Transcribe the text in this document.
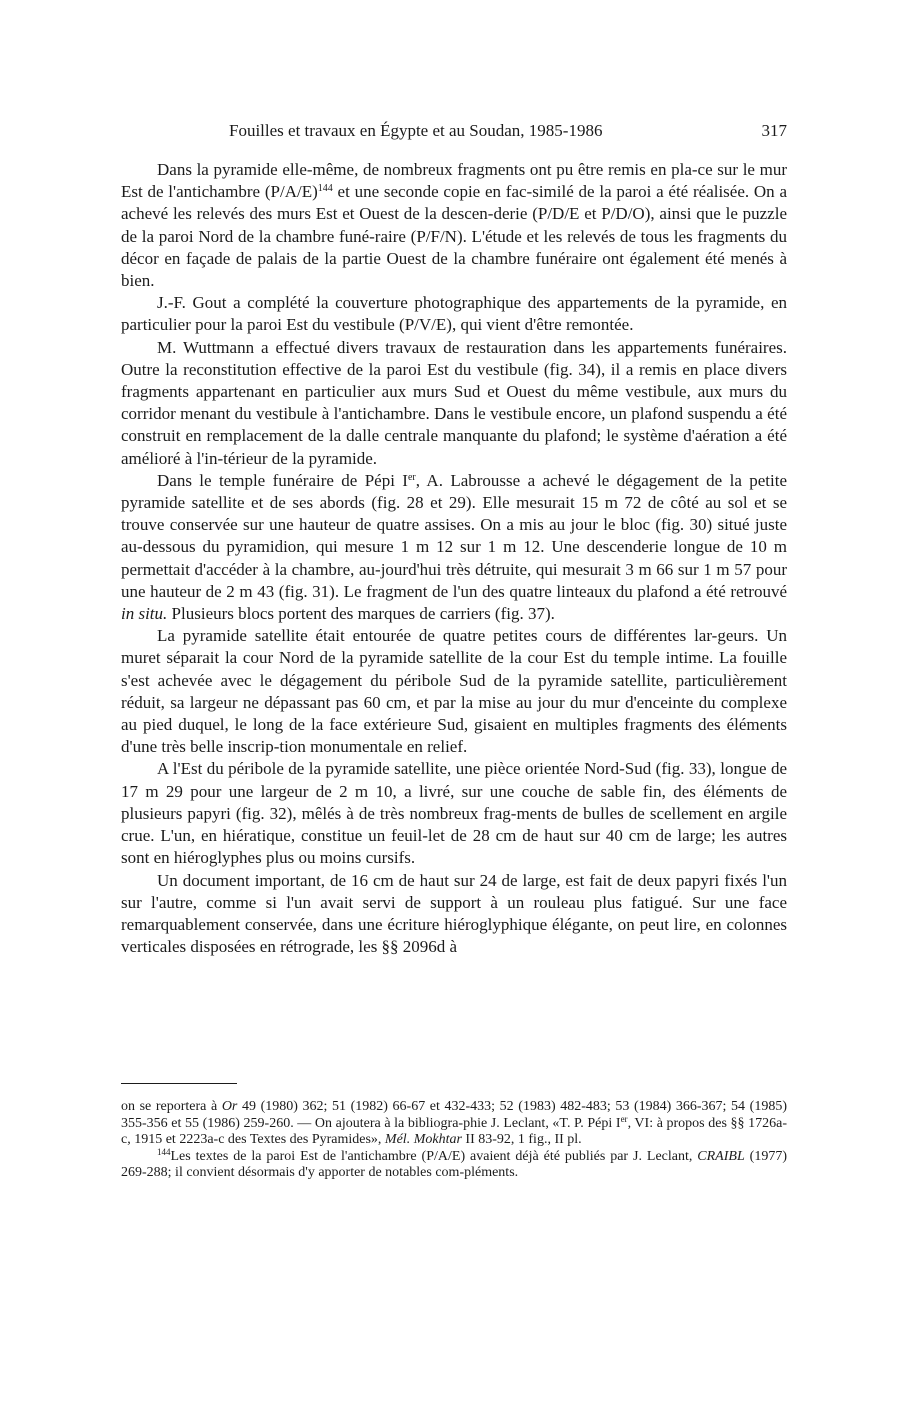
Fouilles et travaux en Égypte et au Soudan, 1985-1986	317

Dans la pyramide elle-même, de nombreux fragments ont pu être remis en pla-ce sur le mur Est de l'antichambre $(P/A/E)^{144}$ et une seconde copie en fac-similé de la paroi a été réalisée. On a achevé les relevés des murs Est et Ouest de la descen-derie (P/D/E et P/D/O), ainsi que le puzzle de la paroi Nord de la chambre funé-raire (P/F/N). L'étude et les relevés de tous les fragments du décor en façade de palais de la partie Ouest de la chambre funéraire ont également été menés à bien.

J.-F. Gout a complété la couverture photographique des appartements de la pyramide, en particulier pour la paroi Est du vestibule (P/V/E), qui vient d'être remontée.

M. Wuttmann a effectué divers travaux de restauration dans les appartements funéraires. Outre la reconstitution effective de la paroi Est du vestibule (fig. 34), il a remis en place divers fragments appartenant en particulier aux murs Sud et Ouest du même vestibule, aux murs du corridor menant du vestibule à l'antichambre. Dans le vestibule encore, un plafond suspendu a été construit en remplacement de la dalle centrale manquante du plafond; le système d'aération a été amélioré à l'in-térieur de la pyramide.

Dans le temple funéraire de Pépi Ier, A. Labrousse a achevé le dégagement de la petite pyramide satellite et de ses abords (fig. 28 et 29). Elle mesurait 15 m 72 de côté au sol et se trouve conservée sur une hauteur de quatre assises. On a mis au jour le bloc (fig. 30) situé juste au-dessous du pyramidion, qui mesure 1 m 12 sur 1 m 12. Une descenderie longue de 10 m permettait d'accéder à la chambre, au-jourd'hui très détruite, qui mesurait 3 m 66 sur 1 m 57 pour une hauteur de 2 m 43 (fig. 31). Le fragment de l'un des quatre linteaux du plafond a été retrouvé in situ. Plusieurs blocs portent des marques de carriers (fig. 37).

La pyramide satellite était entourée de quatre petites cours de différentes lar-geurs. Un muret séparait la cour Nord de la pyramide satellite de la cour Est du temple intime. La fouille s'est achevée avec le dégagement du péribole Sud de la pyramide satellite, particulièrement réduit, sa largeur ne dépassant pas 60 cm, et par la mise au jour du mur d'enceinte du complexe au pied duquel, le long de la face extérieure Sud, gisaient en multiples fragments des éléments d'une très belle inscrip-tion monumentale en relief.

A l'Est du péribole de la pyramide satellite, une pièce orientée Nord-Sud (fig. 33), longue de 17 m 29 pour une largeur de 2 m 10, a livré, sur une couche de sable fin, des éléments de plusieurs papyri (fig. 32), mêlés à de très nombreux frag-ments de bulles de scellement en argile crue. L'un, en hiératique, constitue un feuil-let de 28 cm de haut sur 40 cm de large; les autres sont en hiéroglyphes plus ou moins cursifs.

Un document important, de 16 cm de haut sur 24 de large, est fait de deux papyri fixés l'un sur l'autre, comme si l'un avait servi de support à un rouleau plus fatigué. Sur une face remarquablement conservée, dans une écriture hiéroglyphique élégante, on peut lire, en colonnes verticales disposées en rétrograde, les §§ 2096d à

on se reportera à Or 49 (1980) 362; 51 (1982) 66-67 et 432-433; 52 (1983) 482-483; 53 (1984) 366-367; 54 (1985) 355-356 et 55 (1986) 259-260. — On ajoutera à la bibliogra-phie J. Leclant, «T. P. Pépi Ier, VI: à propos des §§ 1726a-c, 1915 et 2223a-c des Textes des Pyramides», Mél. Mokhtar II 83-92, 1 fig., II pl.

$^{144}$Les textes de la paroi Est de l'antichambre (P/A/E) avaient déjà été publiés par J. Leclant, CRAIBL (1977) 269-288; il convient désormais d'y apporter de notables com-pléments.
